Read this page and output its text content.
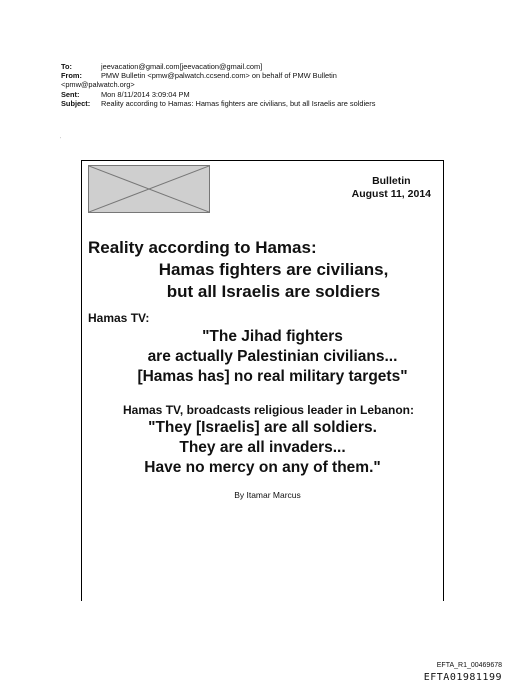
To:	jeevacation@gmail.com[jeevacation@gmail.com]
From:	PMW Bulletin <pmw@palwatch.ccsend.com> on behalf of PMW Bulletin
<pmw@palwatch.org>
Sent:	Mon 8/11/2014 3:09:04 PM
Subject: Reality according to Hamas: Hamas fighters are civilians, but all Israelis are soldiers
'
Bulletin
August 11, 2014
Reality according to Hamas:
Hamas fighters are civilians,
but all Israelis are soldiers
Hamas TV:
"The Jihad fighters
are actually Palestinian civilians...
[Hamas has] no real military targets"
Hamas TV, broadcasts religious leader in Lebanon:
"They [Israelis] are all soldiers.
They are all invaders...
Have no mercy on any of them."
By Itamar Marcus
EFTA_R1_00469678
EFTA01981199
